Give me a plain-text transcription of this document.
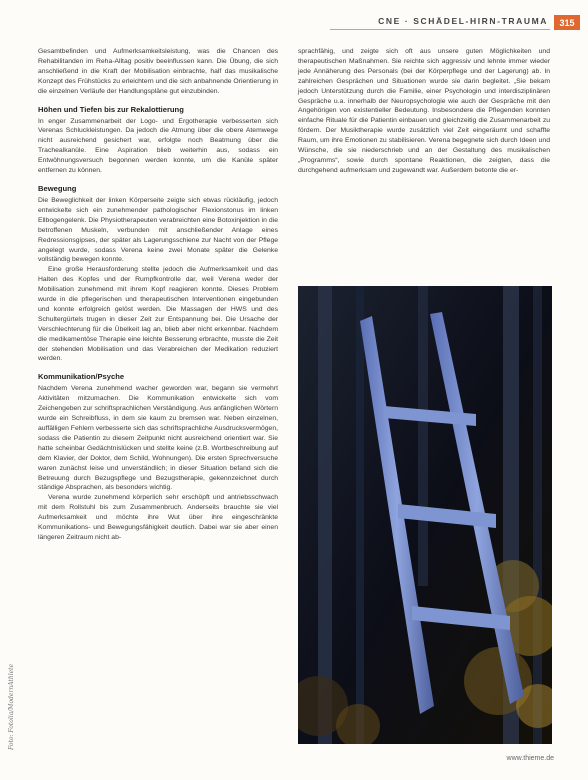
CNE · SCHÄDEL-HIRN-TRAUMA	315

Gesamtbefinden und Aufmerksamkeitsleistung, was die Chancen des Rehabilitanden im Reha-Alltag positiv beeinflussen kann. Die Übung, die sich anschließend in die Kraft der Mobilisation einbrachte, half das musikalische Konzept des Frühstücks zu erleichtern und die sich anbahnende Orientierung in die einzelnen Verläufe der Handlungspläne gut einzubinden.

Höhen und Tiefen bis zur Rekalottierung

In enger Zusammenarbeit der Logo- und Ergotherapie verbesserten sich Verenas Schluckleistungen. Da jedoch die Atmung über die obere Atemwege nicht ausreichend gesichert war, erfolgte noch Beatmung über die Trachealkanüle. Eine Aspiration blieb weiterhin aus, sodass ein Entwöhnungsversuch begonnen werden konnte, um die Kanüle später entfernen zu können.

Bewegung

Die Beweglichkeit der linken Körperseite zeigte sich etwas rückläufig, jedoch entwickelte sich ein zunehmender pathologischer Flexionstonus im linken Ellbogengelenk. Die Physiotherapeuten verabreichten eine Botoxinjektion in die betroffenen Muskeln, verbunden mit anschließender Anlage eines Redressionsgipses, der später als Lagerungsschiene zur Nacht von der Pflege angelegt wurde, sodass Verena keine zwei Monate später die Gelenke vollständig bewegen konnte.

Eine große Herausforderung stellte jedoch die Aufmerksamkeit und das Halten des Kopfes und der Rumpfkontrolle dar, weil Verena weder der Mobilisation zunehmend mit ihrem Kopf reagieren konnte. Dieses Problem wurde in die pflegerischen und therapeutischen Interventionen eingebunden und konnte erfolgreich gelöst werden. Die Massagen der HWS und des Schultergürtels trugen in dieser Zeit zur Entspannung bei. Die Ursache der Verschlechterung für die Übelkeit lag an, blieb aber nicht erkennbar. Nachdem die medikamentöse Therapie eine leichte Besserung erbrachte, musste die Zeit der stehenden Mobilisation und das Verabreichen der Medikation reduziert werden.

Kommunikation/Psyche

Nachdem Verena zunehmend wacher geworden war, begann sie vermehrt Aktivitäten mitzumachen. Die Kommunikation entwickelte sich vom Zeichengeben zur schriftsprachlichen Verständigung. Aus anfänglichen Wörtern wurde ein Schreibfluss, in dem sie kaum zu bremsen war. Neben einzelnen, auffälligen Fehlern verbesserte sich das schriftsprachliche Ausdrucksvermögen, sodass die Patientin zu diesem Zeitpunkt nicht ausreichend orientiert war. Sie hatte scheinbar Gedächtnislücken und stellte keine (z.B. Wortbeschreibung auf dem Klavier, der Doktor, dem Schild, Wohnungen). Die ersten Sprechversuche waren zunächst leise und unverständlich; in dieser Situation befand sich die Betreuung durch Bezugspflege und Bezugstherapie, gekennzeichnet durch ständige Absprachen, als besonders wichtig.

Verena wurde zunehmend körperlich sehr erschöpft und antriebsschwach mit dem Rollstuhl bis zum Zusammenbruch. Anderseits brauchte sie viel Aufmerksamkeit und möchte ihre Wut über ihre eingeschränkte Kommunikations- und Bewegungsfähigkeit deutlich. Dabei war sie aber einen längeren Zeitraum nicht ab-

sprachfähig, und zeigte sich oft aus unsere guten Möglichkeiten und therapeutischen Maßnahmen. Sie reichte sich aggressiv und lehnte immer wieder jede Annäherung des Personals (bei der Körperpflege und der Lagerung) ab. In zahlreichen Gesprächen und Situationen wurde sie darin begleitet. „Sie bekam jedoch Unterstützung durch die Familie, einer Psychologin und interdisziplinären Gespräche u.a. innerhalb der Neuropsychologie wie auch der Gespräche mit den Angehörigen von existentieller Bedeutung. Insbesondere die Pflegenden konnten einfache Rituale für die Patientin einbauen und gleichzeitig die Zusammenarbeit zu fördern. Der Musiktherapie wurde zusätzlich viel Zeit eingeräumt und schaffte Raum, um ihre Emotionen zu stabilisieren. Verena begegnete sich durch Ideen und Wünsche, die sie niederschrieb und an der Gestaltung des musikalischen „Programms“, sowie durch spontane Reaktionen, die zeigten, dass die durchgehend aufmerksam und zugewandt war. Außerdem betonte die er-

Foto: Fotolia/ModernAthlete
www.thieme.de
